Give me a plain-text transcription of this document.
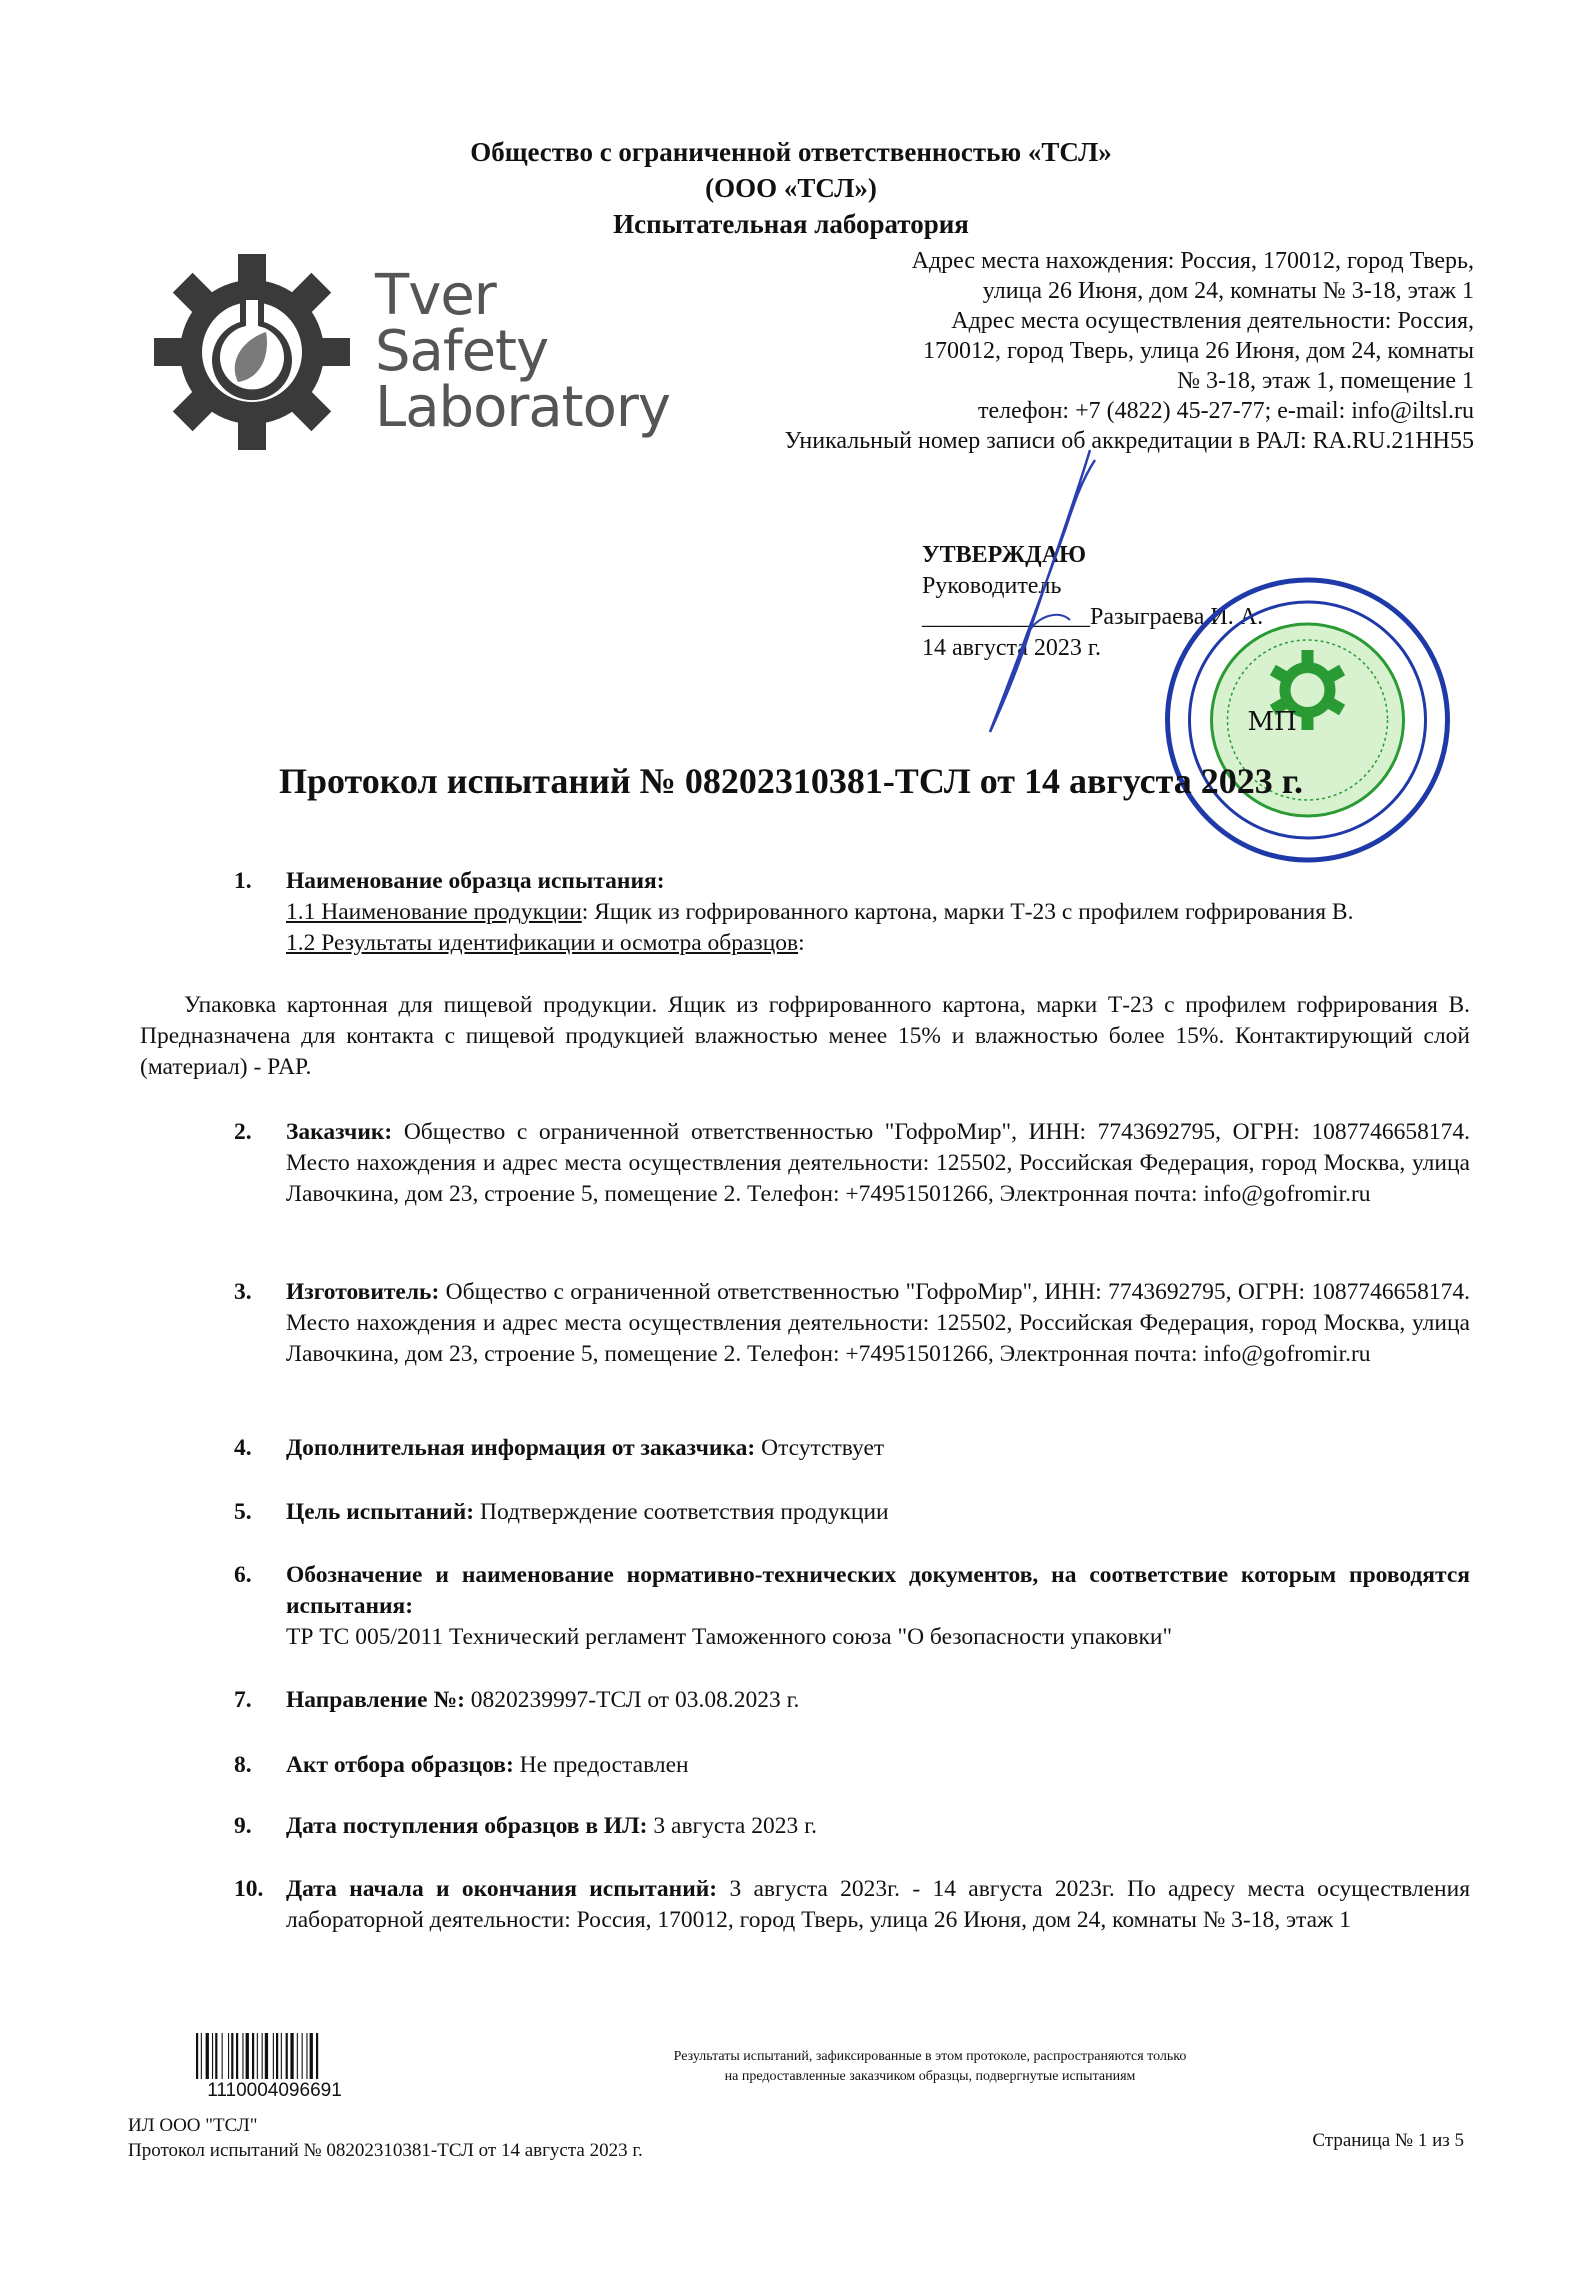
Общество с ограниченной ответственностью «ТСЛ»
(ООО «ТСЛ»)
Испытательная лаборатория
Адрес места нахождения: Россия, 170012, город Тверь,
улица 26 Июня, дом 24, комнаты № 3-18, этаж 1
Адрес места осуществления деятельности: Россия,
170012, город Тверь, улица 26 Июня, дом 24, комнаты
№ 3-18, этаж 1, помещение 1
телефон: +7 (4822) 45-27-77; e-mail: info@iltsl.ru
Уникальный номер записи об аккредитации в РАЛ: RA.RU.21НН55
Tver
Safety
Laboratory
УТВЕРЖДАЮ
Руководитель
______________Разыграева И. А.
14 августа 2023 г.
МП
Протокол испытаний № 08202310381-ТСЛ от 14 августа 2023 г.
1.	Наименование образца испытания:
1.1 Наименование продукции: Ящик из гофрированного картона, марки Т-23 с профилем гофрирования В.
1.2 Результаты идентификации и осмотра образцов:
Упаковка картонная для пищевой продукции. Ящик из гофрированного картона, марки Т-23 с профилем гофрирования В. Предназначена для контакта с пищевой продукцией влажностью менее 15% и влажностью более 15%. Контактирующий слой (материал) - PAP.
2.	Заказчик: Общество с ограниченной ответственностью "ГофроМир", ИНН: 7743692795, ОГРН: 1087746658174. Место нахождения и адрес места осуществления деятельности: 125502, Российская Федерация, город Москва, улица Лавочкина, дом 23, строение 5, помещение 2. Телефон: +74951501266, Электронная почта: info@gofromir.ru
3.	Изготовитель: Общество с ограниченной ответственностью "ГофроМир", ИНН: 7743692795, ОГРН: 1087746658174. Место нахождения и адрес места осуществления деятельности: 125502, Российская Федерация, город Москва, улица Лавочкина, дом 23, строение 5, помещение 2. Телефон: +74951501266, Электронная почта: info@gofromir.ru
4.	Дополнительная информация от заказчика: Отсутствует
5.	Цель испытаний: Подтверждение соответствия продукции
6.	Обозначение и наименование нормативно-технических документов, на соответствие которым проводятся испытания:
ТР ТС 005/2011 Технический регламент Таможенного союза "О безопасности упаковки"
7.	Направление №: 0820239997-ТСЛ от 03.08.2023 г.
8.	Акт отбора образцов: Не предоставлен
9.	Дата поступления образцов в ИЛ: 3 августа 2023 г.
10. Дата начала и окончания испытаний: 3 августа 2023г. - 14 августа 2023г. По адресу места осуществления лабораторной деятельности: Россия, 170012, город Тверь, улица 26 Июня, дом 24, комнаты № 3-18, этаж 1
1110004096691
Результаты испытаний, зафиксированные в этом протоколе, распространяются только
на предоставленные заказчиком образцы, подвергнутые испытаниям
ИЛ ООО "ТСЛ"
Протокол испытаний № 08202310381-ТСЛ от 14 августа 2023 г.	Страница № 1 из 5
